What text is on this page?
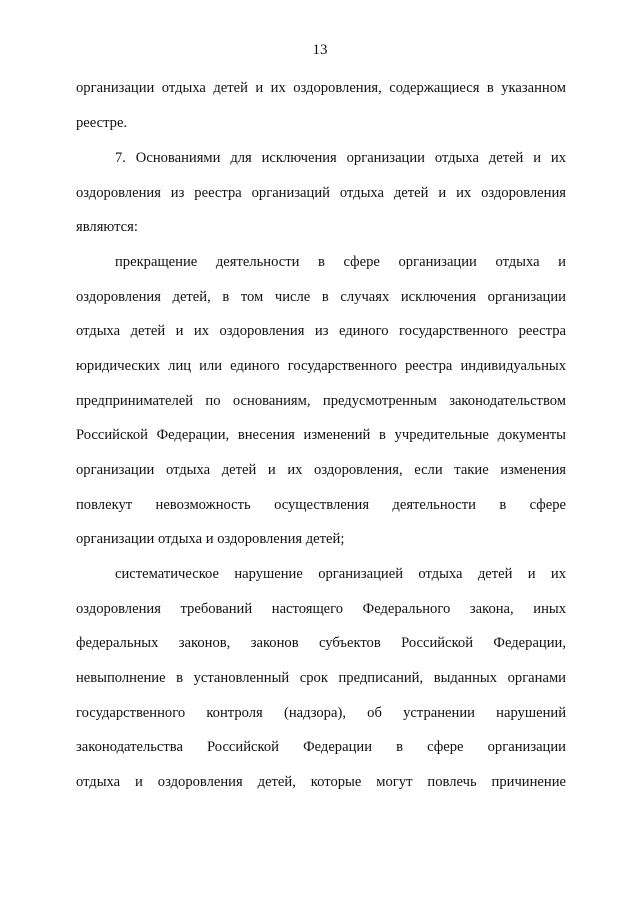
13
организации отдыха детей и их оздоровления, содержащиеся в указанном
реестре.
7. Основаниями для исключения организации отдыха детей и их
оздоровления из реестра организаций отдыха детей и их оздоровления
являются:
прекращение деятельности в сфере организации отдыха и
оздоровления детей, в том числе в случаях исключения организации
отдыха детей и их оздоровления из единого государственного реестра
юридических лиц или единого государственного реестра индивидуальных
предпринимателей по основаниям, предусмотренным законодательством
Российской Федерации, внесения изменений в учредительные документы
организации отдыха детей и их оздоровления, если такие изменения
повлекут невозможность осуществления деятельности в сфере
организации отдыха и оздоровления детей;
систематическое нарушение организацией отдыха детей и их
оздоровления требований настоящего Федерального закона, иных
федеральных законов, законов субъектов Российской Федерации,
невыполнение в установленный срок предписаний, выданных органами
государственного контроля (надзора), об устранении нарушений
законодательства Российской Федерации в сфере организации
отдыха и оздоровления детей, которые могут повлечь причинение
